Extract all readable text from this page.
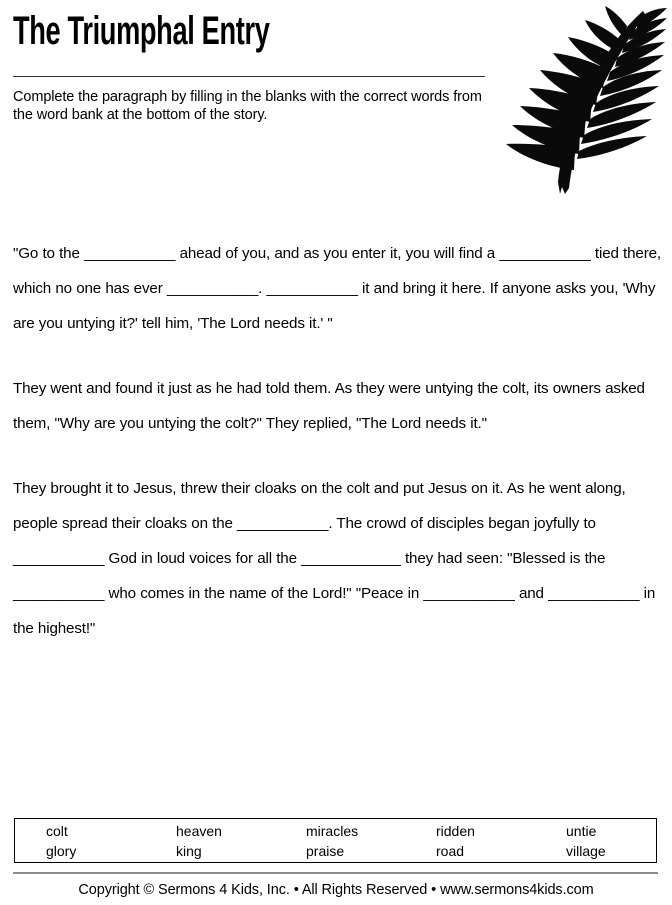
The Triumphal Entry
Complete the paragraph by filling in the blanks with the correct words from the word bank at the bottom of the story.

"Go to the ___________ ahead of you, and as you enter it, you will find a ___________ tied there, which no one has ever ___________. ___________ it and bring it here. If anyone asks you, 'Why are you untying it?' tell him, 'The Lord needs it.' "

They went and found it just as he had told them. As they were untying the colt, its owners asked them, "Why are you untying the colt?" They replied, "The Lord needs it."

They brought it to Jesus, threw their cloaks on the colt and put Jesus on it. As he went along, people spread their cloaks on the ___________. The crowd of disciples began joyfully to ___________ God in loud voices for all the ____________ they had seen: "Blessed is the ___________ who comes in the name of the Lord!" "Peace in ___________ and ___________ in the highest!"

colt
glory
heaven
king
miracles
praise
ridden
road
untie
village
Copyright © Sermons 4 Kids, Inc. • All Rights Reserved • www.sermons4kids.com
